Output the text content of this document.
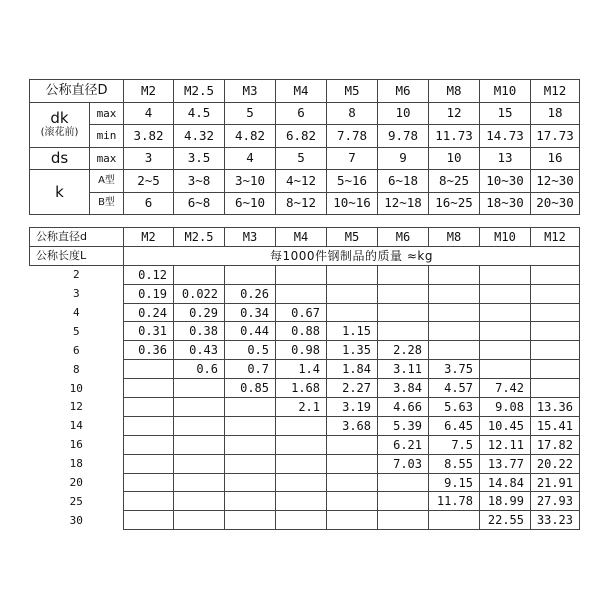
公称直径D		M2	M2.5	M3	M4	M5	M6	M8	M10	M12
dk
(滚花前)	max	4	4.5	5	6	8	10	12	15	18
	min	3.82	4.32	4.82	6.82	7.78	9.78	11.73	14.73	17.73
ds	max	3	3.5	4	5	7	9	10	13	16
k	A型	2~5	3~8	3~10	4~12	5~16	6~18	8~25	10~30	12~30
	B型	6	6~8	6~10	8~12	10~16	12~18	16~25	18~30	20~30
公称直径d	M2	M2.5	M3	M4	M5	M6	M8	M10	M12
公称长度L	每1000件钢制品的质量 ≈kg								
2	0.12								
3	0.19	0.022	0.26						
4	0.24	0.29	0.34	0.67					
5	0.31	0.38	0.44	0.88	1.15				
6	0.36	0.43	0.5	0.98	1.35	2.28			
8		0.6	0.7	1.4	1.84	3.11	3.75		
10			0.85	1.68	2.27	3.84	4.57	7.42	
12				2.1	3.19	4.66	5.63	9.08	13.36
14					3.68	5.39	6.45	10.45	15.41
16						6.21	7.5	12.11	17.82
18						7.03	8.55	13.77	20.22
20							9.15	14.84	21.91
25							11.78	18.99	27.93
30								22.55	33.23
